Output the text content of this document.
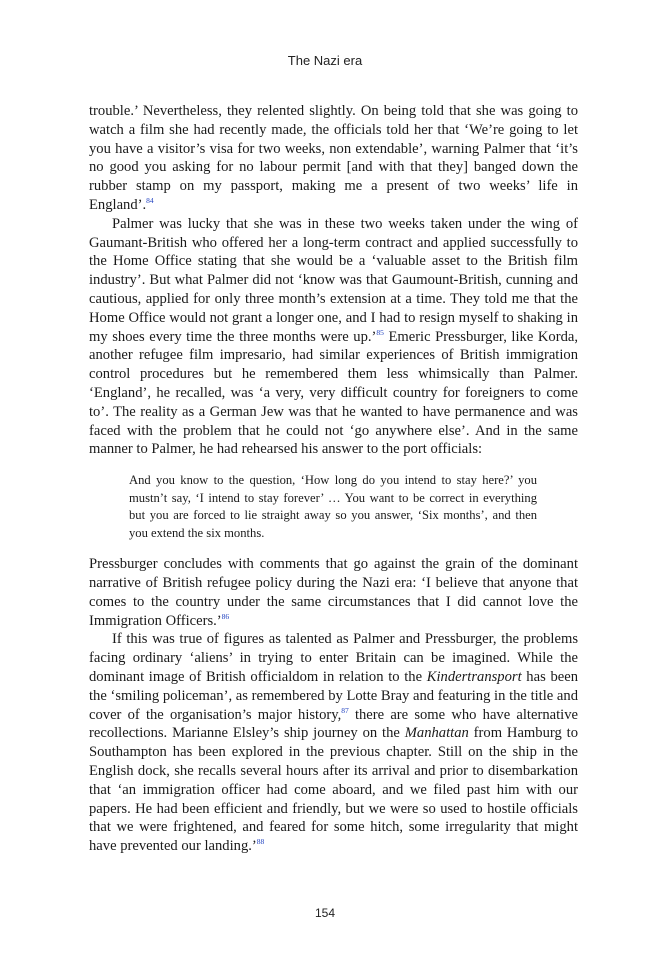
The Nazi era

trouble.’ Nevertheless, they relented slightly. On being told that she was going to watch a film she had recently made, the officials told her that ‘We’re going to let you have a visitor’s visa for two weeks, non extendable’, warning Palmer that ‘it’s no good you asking for no labour permit [and with that they] banged down the rubber stamp on my passport, making me a present of two weeks’ life in England’.$^{84}$

Palmer was lucky that she was in these two weeks taken under the wing of Gaumant-British who offered her a long-term contract and applied successfully to the Home Office stating that she would be a ‘valuable asset to the British film industry’. But what Palmer did not ‘know was that Gaumount-British, cunning and cautious, applied for only three month’s extension at a time. They told me that the Home Office would not grant a longer one, and I had to resign myself to shaking in my shoes every time the three months were up.’$^{85}$ Emeric Pressburger, like Korda, another refugee film impresario, had similar experiences of British immigration control procedures but he remembered them less whimsically than Palmer. ‘England’, he recalled, was ‘a very, very difficult country for foreigners to come to’. The reality as a German Jew was that he wanted to have permanence and was faced with the problem that he could not ‘go anywhere else’. And in the same manner to Palmer, he had rehearsed his answer to the port officials:

And you know to the question, ‘How long do you intend to stay here?’ you mustn’t say, ‘I intend to stay forever’ … You want to be correct in everything but you are forced to lie straight away so you answer, ‘Six months’, and then you extend the six months.

Pressburger concludes with comments that go against the grain of the dominant narrative of British refugee policy during the Nazi era: ‘I believe that anyone that comes to the country under the same circumstances that I did cannot love the Immigration Officers.’$^{86}$

If this was true of figures as talented as Palmer and Pressburger, the problems facing ordinary ‘aliens’ in trying to enter Britain can be imagined. While the dominant image of British officialdom in relation to the Kindertransport has been the ‘smiling policeman’, as remembered by Lotte Bray and featuring in the title and cover of the organisation’s major history,$^{87}$ there are some who have alternative recollections. Marianne Elsley’s ship journey on the Manhattan from Hamburg to Southampton has been explored in the previous chapter. Still on the ship in the English dock, she recalls several hours after its arrival and prior to disembarkation that ‘an immigration officer had come aboard, and we filed past him with our papers. He had been efficient and friendly, but we were so used to hostile officials that we were frightened, and feared for some hitch, some irregularity that might have prevented our landing.’$^{88}$

154
